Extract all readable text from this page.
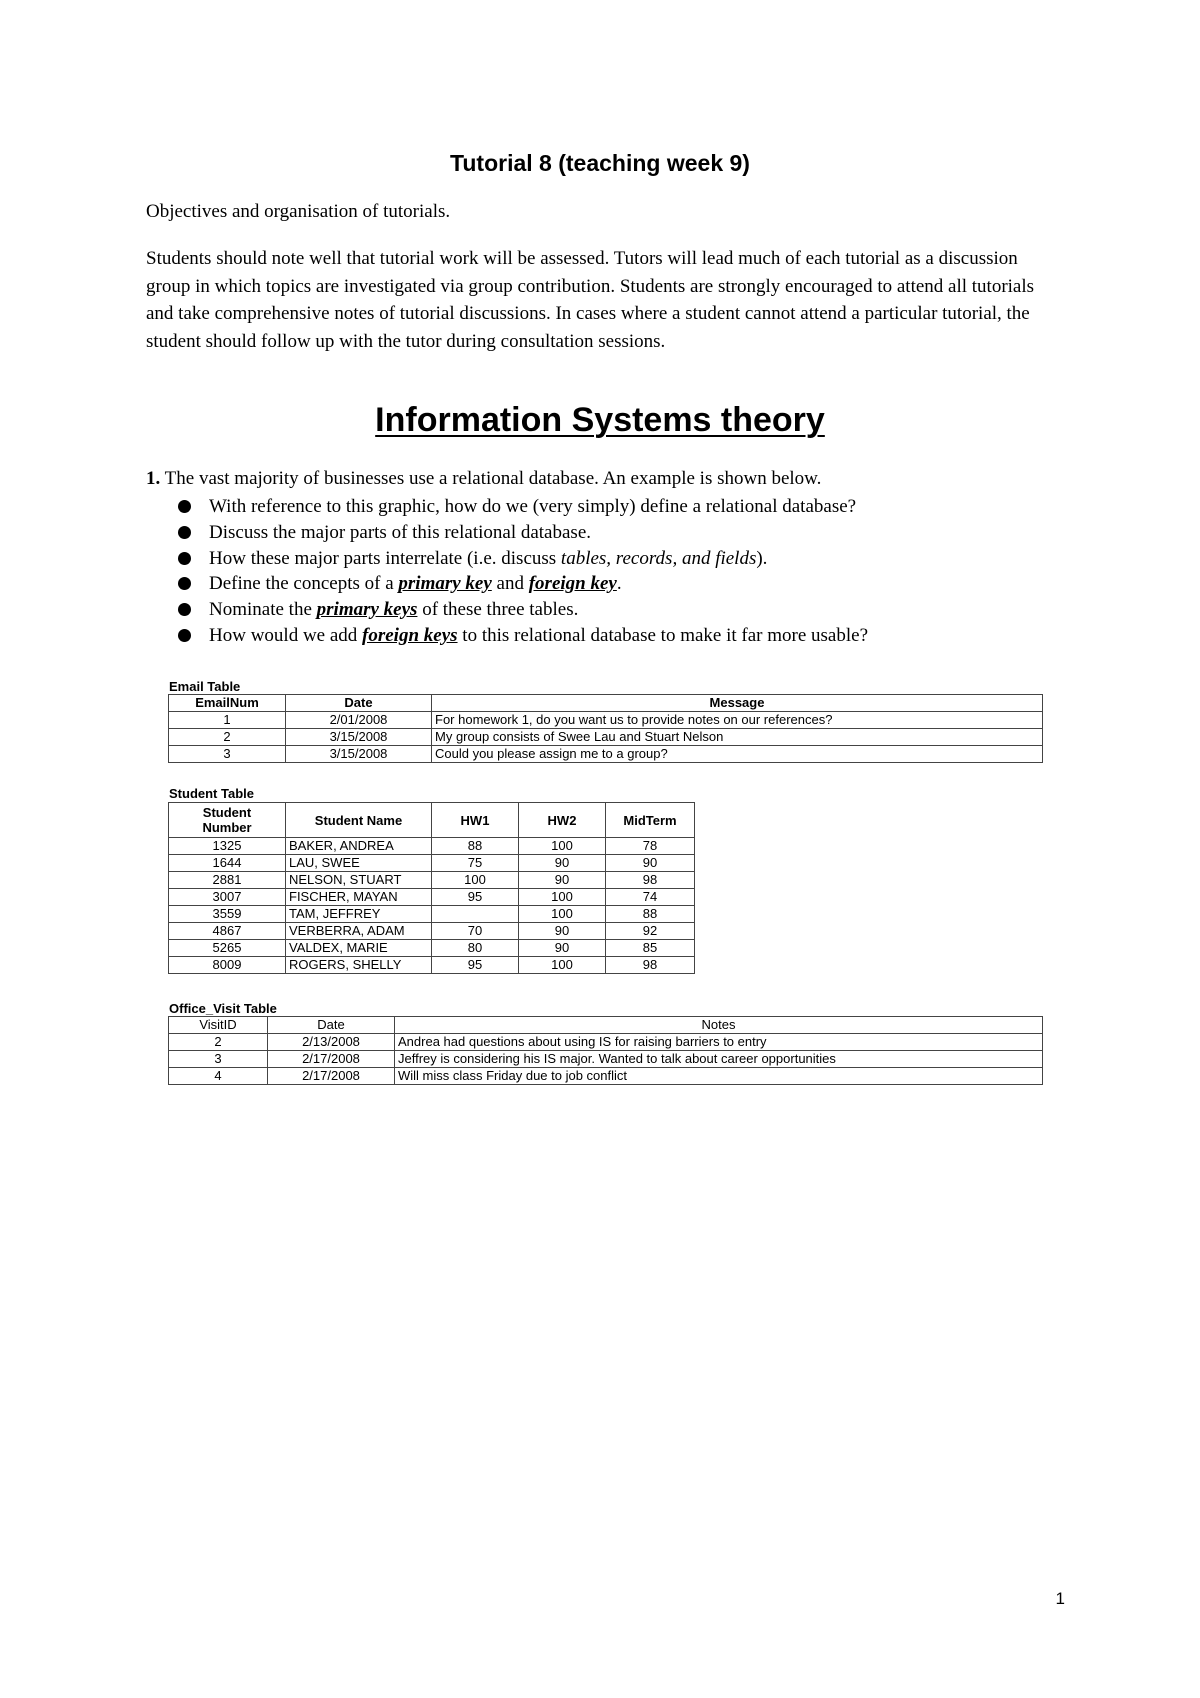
Tutorial 8 (teaching week 9)
Objectives and organisation of tutorials.
Students should note well that tutorial work will be assessed. Tutors will lead much of each tutorial as a discussion group in which topics are investigated via group contribution. Students are strongly encouraged to attend all tutorials and take comprehensive notes of tutorial discussions. In cases where a student cannot attend a particular tutorial, the student should follow up with the tutor during consultation sessions.
Information Systems theory
1. The vast majority of businesses use a relational database. An example is shown below.
With reference to this graphic, how do we (very simply) define a relational database?
Discuss the major parts of this relational database.
How these major parts interrelate (i.e. discuss tables, records, and fields).
Define the concepts of a primary key and foreign key.
Nominate the primary keys of these three tables.
How would we add foreign keys to this relational database to make it far more usable?
Email Table
EmailNum	Date	Message
1	2/01/2008	For homework 1, do you want us to provide notes on our references?
2	3/15/2008	My group consists of Swee Lau and Stuart Nelson
3	3/15/2008	Could you please assign me to a group?
Student Table
Student Number	Student Name	HW1	HW2	MidTerm
1325	BAKER, ANDREA	88	100	78
1644	LAU, SWEE	75	90	90
2881	NELSON, STUART	100	90	98
3007	FISCHER, MAYAN	95	100	74
3559	TAM, JEFFREY		100	88
4867	VERBERRA, ADAM	70	90	92
5265	VALDEX, MARIE	80	90	85
8009	ROGERS, SHELLY	95	100	98
Office_Visit Table
VisitID	Date	Notes
2	2/13/2008	Andrea had questions about using IS for raising barriers to entry
3	2/17/2008	Jeffrey is considering his IS major. Wanted to talk about career opportunities
4	2/17/2008	Will miss class Friday due to job conflict
1
